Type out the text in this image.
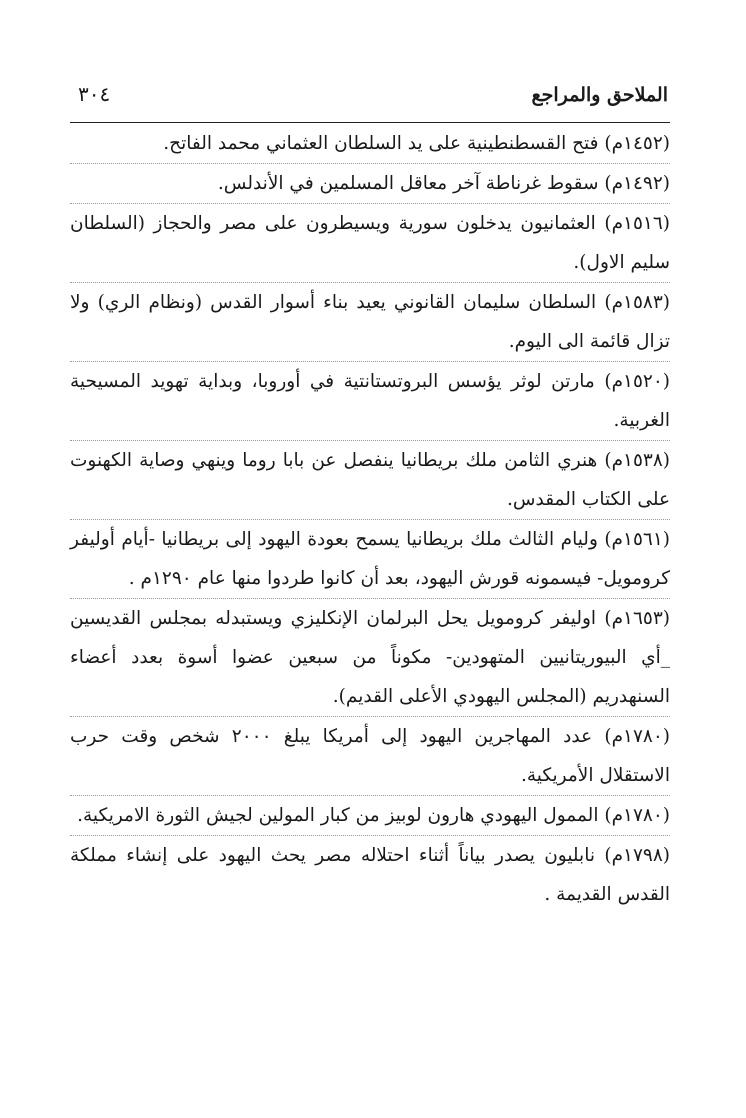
الملاحق والمراجع
٣٠٤

(١٤٥٢م) فتح القسطنطينية على يد السلطان العثماني محمد الفاتح.

(١٤٩٢م) سقوط غرناطة آخر معاقل المسلمين في الأندلس.

(١٥١٦م) العثمانيون يدخلون سورية ويسيطرون على مصر والحجاز (السلطان سليم الاول).

(١٥٨٣م) السلطان سليمان القانوني يعيد بناء أسوار القدس (ونظام الري) ولا تزال قائمة الى اليوم.

(١٥٢٠م) مارتن لوثر يؤسس البروتستانتية في أوروبا، وبداية تهويد المسيحية الغربية.

(١٥٣٨م) هنري الثامن ملك بريطانيا ينفصل عن بابا روما وينهي وصاية الكهنوت على الكتاب المقدس.

(١٥٦١م) وليام الثالث ملك بريطانيا يسمح بعودة اليهود إلى بريطانيا -أيام أوليفر كرومويل- فيسمونه قورش اليهود، بعد أن كانوا طردوا منها عام ١٢٩٠م .

(١٦٥٣م) اوليفر كرومويل يحل البرلمان الإنكليزي ويستبدله بمجلس القديسين _أي البيوريتانيين المتهودين- مكوناً من سبعين عضوا أسوة بعدد أعضاء السنهدريم (المجلس اليهودي الأعلى القديم).

(١٧٨٠م) عدد المهاجرين اليهود إلى أمريكا يبلغ ٢٠٠٠ شخص وقت حرب الاستقلال الأمريكية.

(١٧٨٠م) الممول اليهودي هارون لوبيز من كبار المولين لجيش الثورة الامريكية.

(١٧٩٨م) نابليون يصدر بياناً أثناء احتلاله مصر يحث اليهود على إنشاء مملكة القدس القديمة .
